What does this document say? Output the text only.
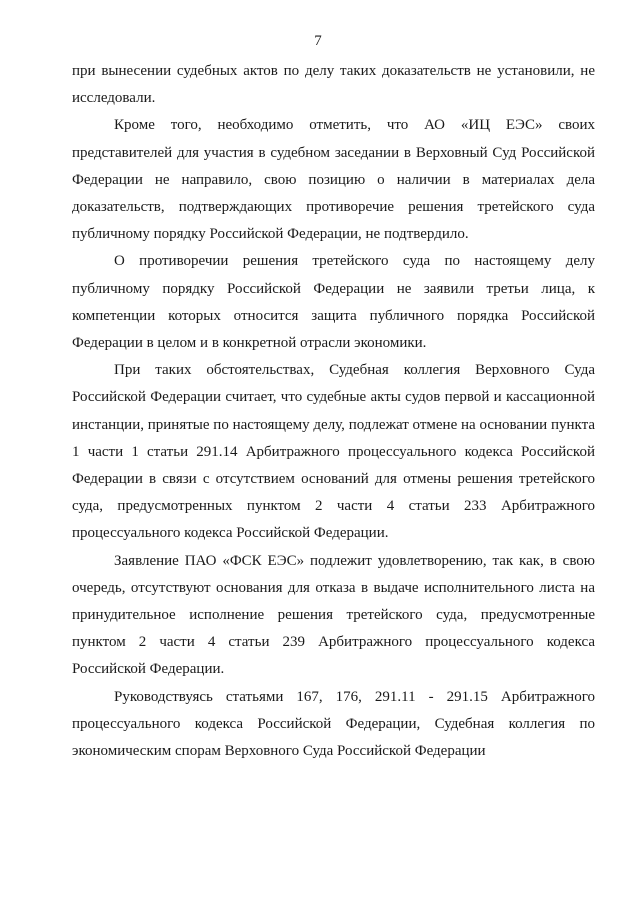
7

при вынесении судебных актов по делу таких доказательств не установили, не исследовали.

Кроме того, необходимо отметить, что АО «ИЦ ЕЭС» своих представителей для участия в судебном заседании в Верховный Суд Российской Федерации не направило, свою позицию о наличии в материалах дела доказательств, подтверждающих противоречие решения третейского суда публичному порядку Российской Федерации, не подтвердило.

О противоречии решения третейского суда по настоящему делу публичному порядку Российской Федерации не заявили третьи лица, к компетенции которых относится защита публичного порядка Российской Федерации в целом и в конкретной отрасли экономики.

При таких обстоятельствах, Судебная коллегия Верховного Суда Российской Федерации считает, что судебные акты судов первой и кассационной инстанции, принятые по настоящему делу, подлежат отмене на основании пункта 1 части 1 статьи 291.14 Арбитражного процессуального кодекса Российской Федерации в связи с отсутствием оснований для отмены решения третейского суда, предусмотренных пунктом 2 части 4 статьи 233 Арбитражного процессуального кодекса Российской Федерации.

Заявление ПАО «ФСК ЕЭС» подлежит удовлетворению, так как, в свою очередь, отсутствуют основания для отказа в выдаче исполнительного листа на принудительное исполнение решения третейского суда, предусмотренные пунктом 2 части 4 статьи 239 Арбитражного процессуального кодекса Российской Федерации.

Руководствуясь статьями 167, 176, 291.11 - 291.15 Арбитражного процессуального кодекса Российской Федерации, Судебная коллегия по экономическим спорам Верховного Суда Российской Федерации
